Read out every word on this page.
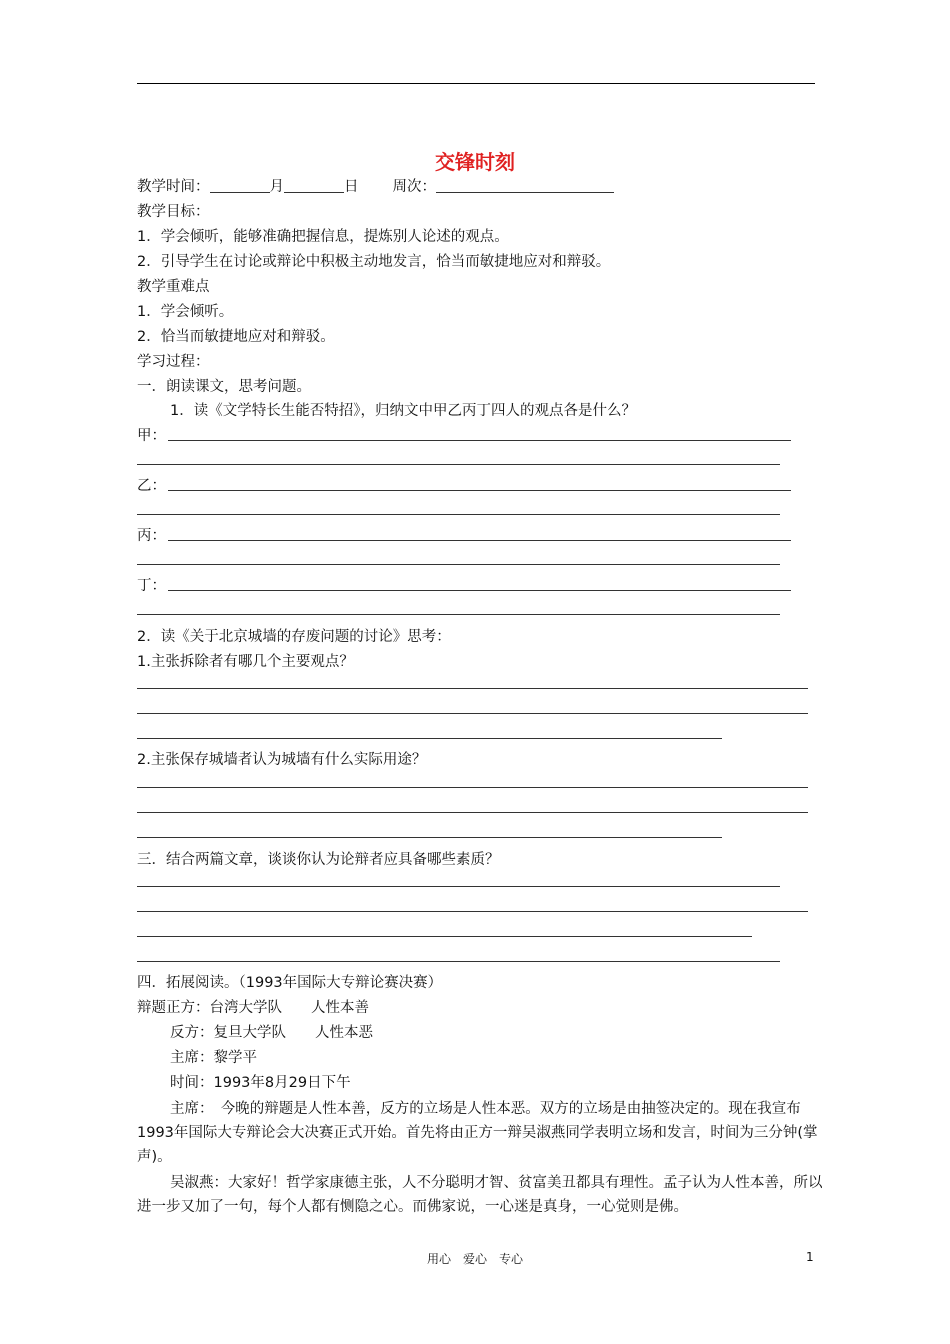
交锋时刻
教学时间：	月	日 周次：
教学目标：
1．学会倾听，能够准确把握信息，提炼别人论述的观点。
2．引导学生在讨论或辩论中积极主动地发言，恰当而敏捷地应对和辩驳。
教学重难点
1．学会倾听。
2．恰当而敏捷地应对和辩驳。
学习过程：
一．朗读课文，思考问题。
1．读《文学特长生能否特招》，归纳文中甲乙丙丁四人的观点各是什么？
甲：
乙：
丙：
丁：
2．读《关于北京城墙的存废问题的讨论》思考：
1.主张拆除者有哪几个主要观点？
2.主张保存城墙者认为城墙有什么实际用途？
三．结合两篇文章，谈谈你认为论辩者应具备哪些素质？
四．拓展阅读。（1993年国际大专辩论赛决赛）
辩题正方：台湾大学队　　人性本善
反方：复旦大学队　　人性本恶
主席：黎学平
时间：1993年8月29日下午
主席：　今晚的辩题是人性本善，反方的立场是人性本恶。双方的立场是由抽签决定的。现在我宣布1993年国际大专辩论会大决赛正式开始。首先将由正方一辩吴淑燕同学表明立场和发言，时间为三分钟(掌声)。
吴淑燕：大家好！哲学家康德主张，人不分聪明才智、贫富美丑都具有理性。孟子认为人性本善，所以进一步又加了一句，每个人都有恻隐之心。而佛家说，一心迷是真身，一心觉则是佛。
用心　爱心　专心	1
